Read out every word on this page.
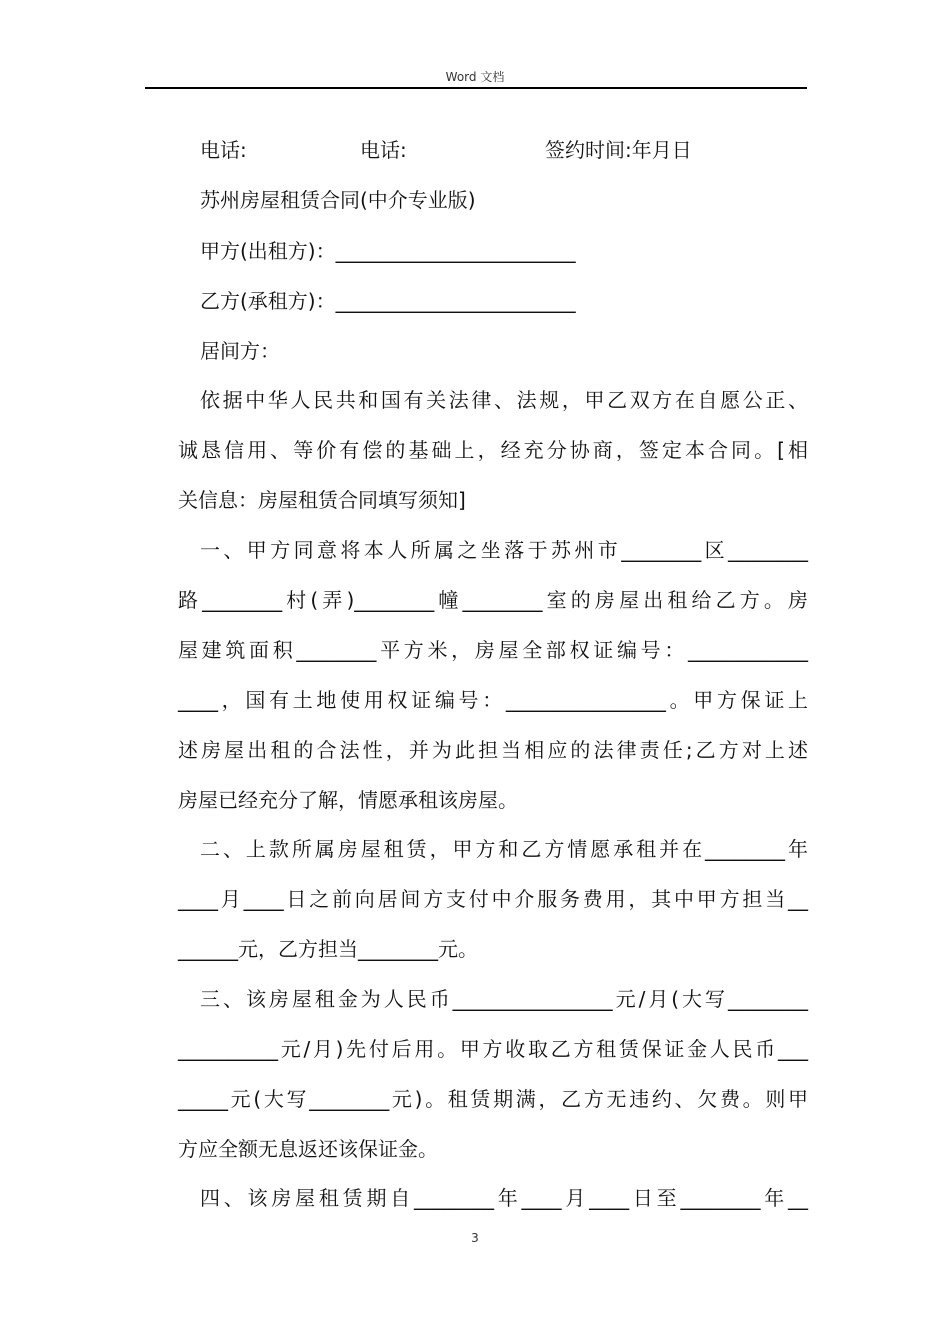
Word 文档
电话:	电话:	签约时间:年月日
苏州房屋租赁合同(中介专业版)
甲方(出租方)：________________________
乙方(承租方)：________________________
居间方：
依据中华人民共和国有关法律、法规，甲乙双方在自愿公正、
诚恳信用、等价有偿的基础上，经充分协商，签定本合同。[相
关信息：房屋租赁合同填写须知]
一、甲方同意将本人所属之坐落于苏州市________区________
路________村(弄)________幢________室的房屋出租给乙方。房
屋建筑面积________平方米，房屋全部权证编号：____________
____，国有土地使用权证编号：________________。甲方保证上
述房屋出租的合法性，并为此担当相应的法律责任;乙方对上述
房屋已经充分了解，情愿承租该房屋。
二、上款所属房屋租赁，甲方和乙方情愿承租并在________年
____月____日之前向居间方支付中介服务费用，其中甲方担当__
______元，乙方担当________元。
三、该房屋租金为人民币________________元/月(大写________
__________元/月)先付后用。甲方收取乙方租赁保证金人民币___
_____元(大写________元)。租赁期满，乙方无违约、欠费。则甲
方应全额无息返还该保证金。
四、该房屋租赁期自________年____月____日至________年__
3
